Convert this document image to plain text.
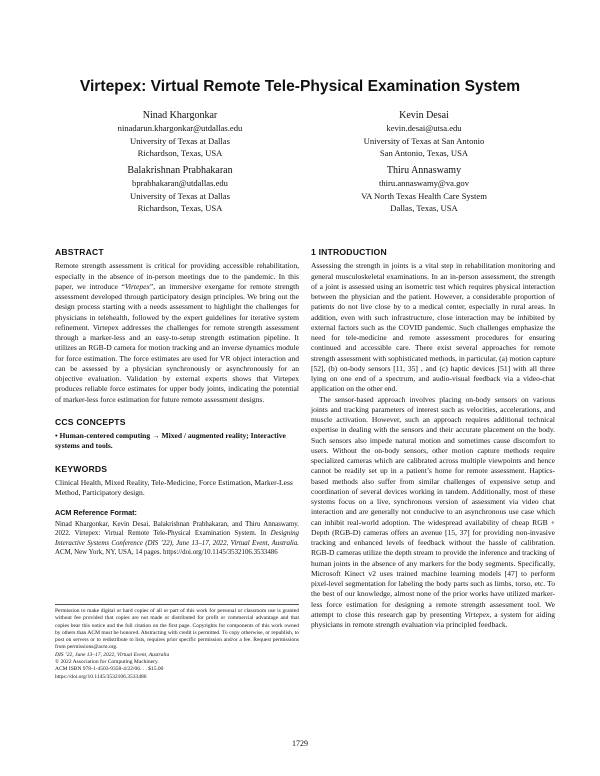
Virtepex: Virtual Remote Tele-Physical Examination System
Ninad Khargonkar
ninadarun.khargonkar@utdallas.edu
University of Texas at Dallas
Richardson, Texas, USA
Kevin Desai
kevin.desai@utsa.edu
University of Texas at San Antonio
San Antonio, Texas, USA
Balakrishnan Prabhakaran
bprabhakaran@utdallas.edu
University of Texas at Dallas
Richardson, Texas, USA
Thiru Annaswamy
thiru.annaswamy@va.gov
VA North Texas Health Care System
Dallas, Texas, USA
ABSTRACT

Remote strength assessment is critical for providing accessible rehabilitation, especially in the absence of in-person meetings due to the pandemic. In this paper, we introduce “Virtepex”, an immersive exergame for remote strength assessment developed through participatory design principles. We bring out the design process starting with a needs assessment to highlight the challenges for physicians in telehealth, followed by the expert guidelines for iterative system refinement. Virtepex addresses the challenges for remote strength assessment through a marker-less and an easy-to-setup strength estimation pipeline. It utilizes an RGB-D camera for motion tracking and an inverse dynamics module for force estimation. The force estimates are used for VR object interaction and can be assessed by a physician synchronously or asynchronously for an objective evaluation. Validation by external experts shows that Virtepex produces reliable force estimates for upper body joints, indicating the potential of marker-less force estimation for future remote assessment designs.

CCS CONCEPTS

• Human-centered computing → Mixed / augmented reality; Interactive systems and tools.

KEYWORDS

Clinical Health, Mixed Reality, Tele-Medicine, Force Estimation, Marker-Less Method, Participatory design.

ACM Reference Format:

Ninad Khargonkar, Kevin Desai, Balakrishnan Prabhakaran, and Thiru Annaswamy. 2022. Virtepex: Virtual Remote Tele-Physical Examination System. In Designing Interactive Systems Conference (DIS ’22), June 13–17, 2022, Virtual Event, Australia. ACM, New York, NY, USA, 14 pages. https://doi.org/10.1145/3532106.3533486

Permission to make digital or hard copies of all or part of this work for personal or classroom use is granted without fee provided that copies are not made or distributed for profit or commercial advantage and that copies bear this notice and the full citation on the first page. Copyrights for components of this work owned by others than ACM must be honored. Abstracting with credit is permitted. To copy otherwise, or republish, to post on servers or to redistribute to lists, requires prior specific permission and/or a fee. Request permissions from permissions@acm.org.

DIS ’22, June 13–17, 2022, Virtual Event, Australia

© 2022 Association for Computing Machinery.

ACM ISBN 978-1-4503-9358-4/22/06. . . $15.00

https://doi.org/10.1145/3532106.3533486

1 INTRODUCTION

Assessing the strength in joints is a vital step in rehabilitation monitoring and general musculoskeletal examinations. In an in-person assessment, the strength of a joint is assessed using an isometric test which requires physical interaction between the physician and the patient. However, a considerable proportion of patients do not live close by to a medical center, especially in rural areas. In addition, even with such infrastructure, close interaction may be inhibited by external factors such as the COVID pandemic. Such challenges emphasize the need for tele-medicine and remote assessment procedures for ensuring continued and accessible care. There exist several approaches for remote strength assessment with sophisticated methods, in particular, (a) motion capture [52], (b) on-body sensors [11, 35] , and (c) haptic devices [51] with all three lying on one end of a spectrum, and audio-visual feedback via a video-chat application on the other end.

The sensor-based approach involves placing on-body sensors on various joints and tracking parameters of interest such as velocities, accelerations, and muscle activation. However, such an approach requires additional technical expertise in dealing with the sensors and their accurate placement on the body. Such sensors also impede natural motion and sometimes cause discomfort to users. Without the on-body sensors, other motion capture methods require specialized cameras which are calibrated across multiple viewpoints and hence cannot be readily set up in a patient’s home for remote assessment. Haptics-based methods also suffer from similar challenges of expensive setup and coordination of several devices working in tandem. Additionally, most of these systems focus on a live, synchronous version of assessment via video chat interaction and are generally not conducive to an asynchronous use case which can inhibit real-world adoption. The widespread availability of cheap RGB + Depth (RGB-D) cameras offers an avenue [15, 37] for providing non-invasive tracking and enhanced levels of feedback without the hassle of calibration. RGB-D cameras utilize the depth stream to provide the inference and tracking of human joints in the absence of any markers for the body segments. Specifically, Microsoft Kinect v2 uses trained machine learning models [47] to perform pixel-level segmentation for labeling the body parts such as limbs, torso, etc. To the best of our knowledge, almost none of the prior works have utilized marker-less force estimation for designing a remote strength assessment tool. We attempt to close this research gap by presenting Virtepex, a system for aiding physicians in remote strength evaluation via principled feedback.

1729
